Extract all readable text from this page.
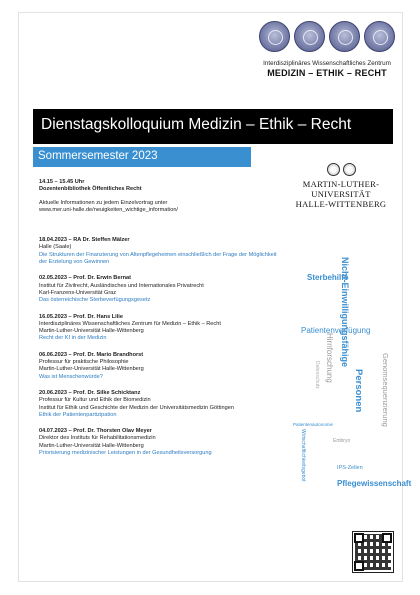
Interdisziplinäres Wissenschaftliches Zentrum
MEDIZIN – ETHIK – RECHT
Dienstagskolloquium Medizin – Ethik – Recht
Sommersemester 2023
14.15 – 15.45 Uhr
Dozentenbibliothek Öffentliches Recht
Aktuelle Informationen zu jedem Einzelvortrag unter
www.mer.uni-halle.de/neuigkeiten_wichtige_information/
18.04.2023 – RA Dr. Steffen Mälzer
Halle (Saale)
Die Strukturen der Finanzierung von Altenpflegeheimen einschließlich der Frage der Möglichkeit der Erzielung von Gewinnen
02.05.2023 – Prof. Dr. Erwin Bernat
Institut für Zivilrecht, Ausländisches und Internationales Privatrecht
Karl-Franzens-Universität Graz
Das österreichische Sterbeverfügungsgesetz
16.05.2023 – Prof. Dr. Hans Lilie
Interdisziplinäres Wissenschaftliches Zentrum für Medizin – Ethik – Recht
Martin-Luther-Universität Halle-Wittenberg
Recht der KI in der Medizin
06.06.2023 – Prof. Dr. Mario Brandhorst
Professur für praktische Philosophie
Martin-Luther-Universität Halle-Wittenberg
Was ist Menschenwürde?
20.06.2023 – Prof. Dr. Silke Schicktanz
Professur für Kultur und Ethik der Biomedizin
Institut für Ethik und Geschichte der Medizin der Universitätsmedizin Göttingen
Ethik der Patientenpartizipation
04.07.2023 – Prof. Dr. Thorsten Olav Meyer
Direktor des Instituts für Rehabilitationsmedizin
Martin-Luther-Universität Halle-Wittenberg
Priorisierung medizinischer Leistungen in der Gesundheitsversorgung
MARTIN-LUTHER-
UNIVERSITÄT
HALLE-WITTENBERG
Sterbehilfe
Nicht-Einwilligungsfähige
Patientenverfügung
Personen
Hirnforschung	Genomsequenzierung
Patientenautonomie
Wirtschaftlichkeitsgebot	IPS-Zellen
Pflegewissenschaft
Embryo
Datenschutz
